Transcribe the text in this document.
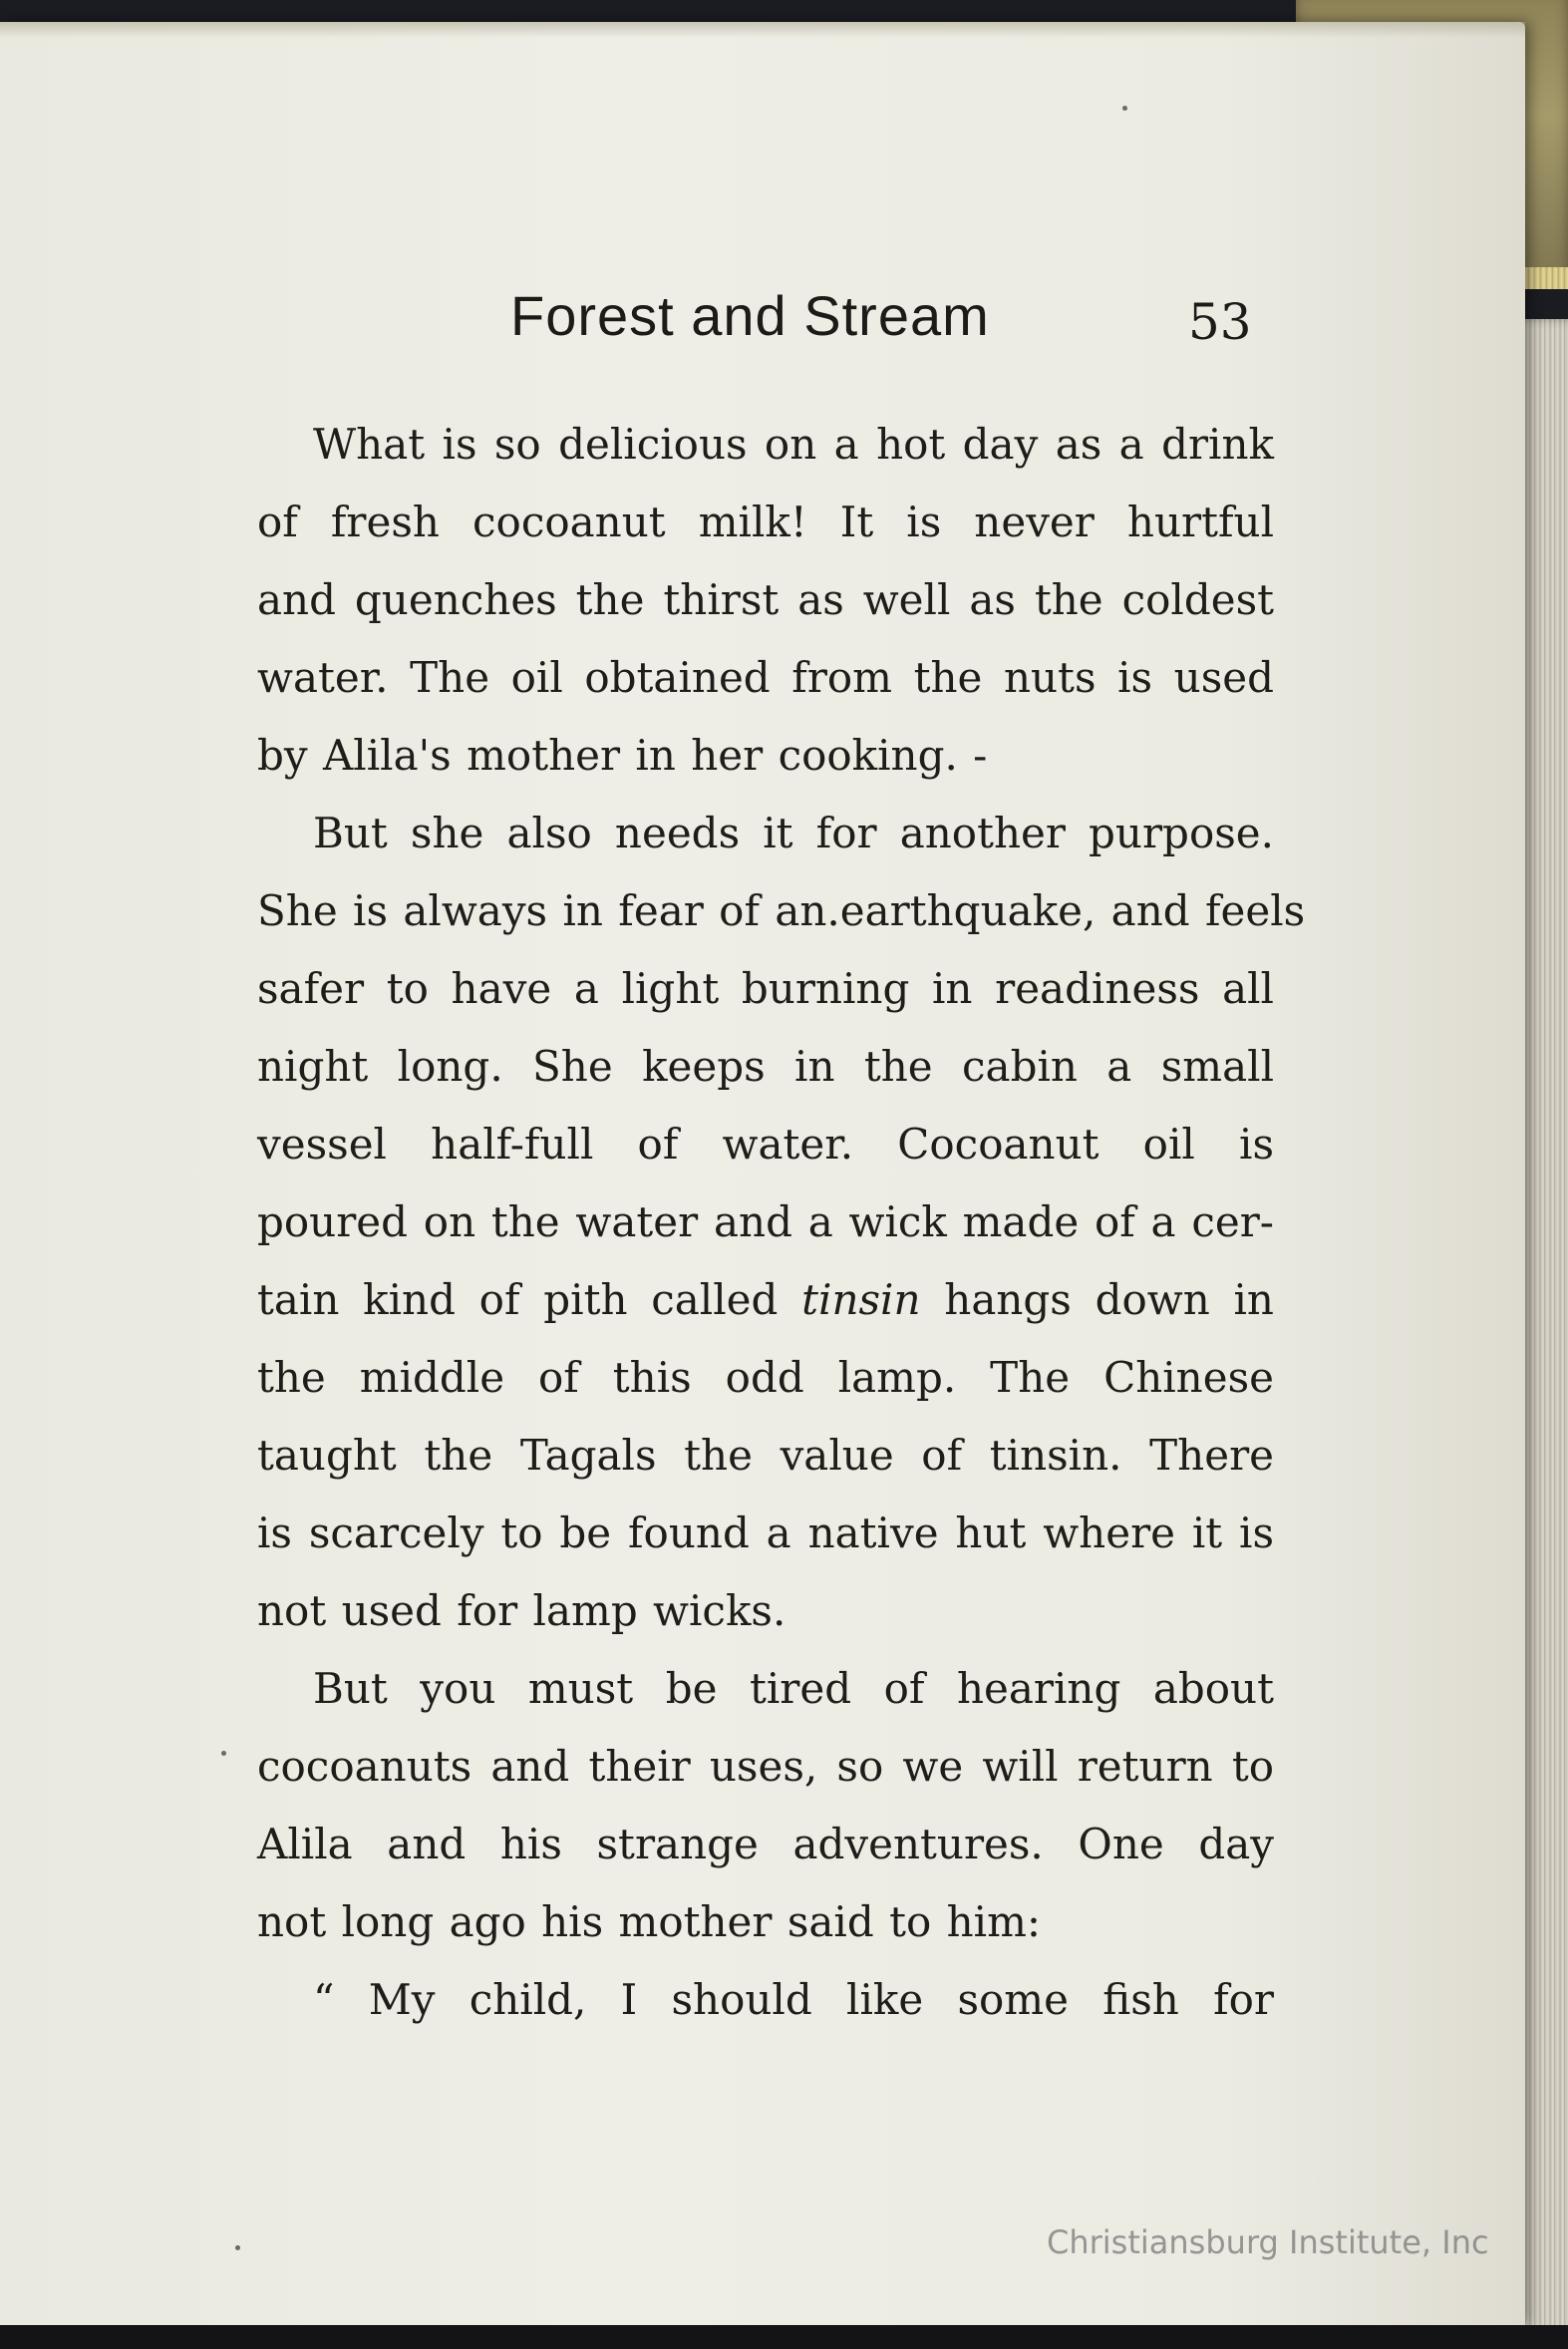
Forest and Stream	53
What is so delicious on a hot day as a drink
of fresh cocoanut milk! It is never hurtful
and quenches the thirst as well as the coldest
water. The oil obtained from the nuts is used
by Alila's mother in her cooking. -
But she also needs it for another purpose.
She is always in fear of an.earthquake, and feels
safer to have a light burning in readiness all
night long. She keeps in the cabin a small
vessel half-full of water. Cocoanut oil is
poured on the water and a wick made of a cer-
tain kind of pith called tinsin hangs down in
the middle of this odd lamp. The Chinese
taught the Tagals the value of tinsin. There
is scarcely to be found a native hut where it is
not used for lamp wicks.
But you must be tired of hearing about
cocoanuts and their uses, so we will return to
Alila and his strange adventures. One day
not long ago his mother said to him:
“ My child, I should like some fish for
Christiansburg Institute, Inc
